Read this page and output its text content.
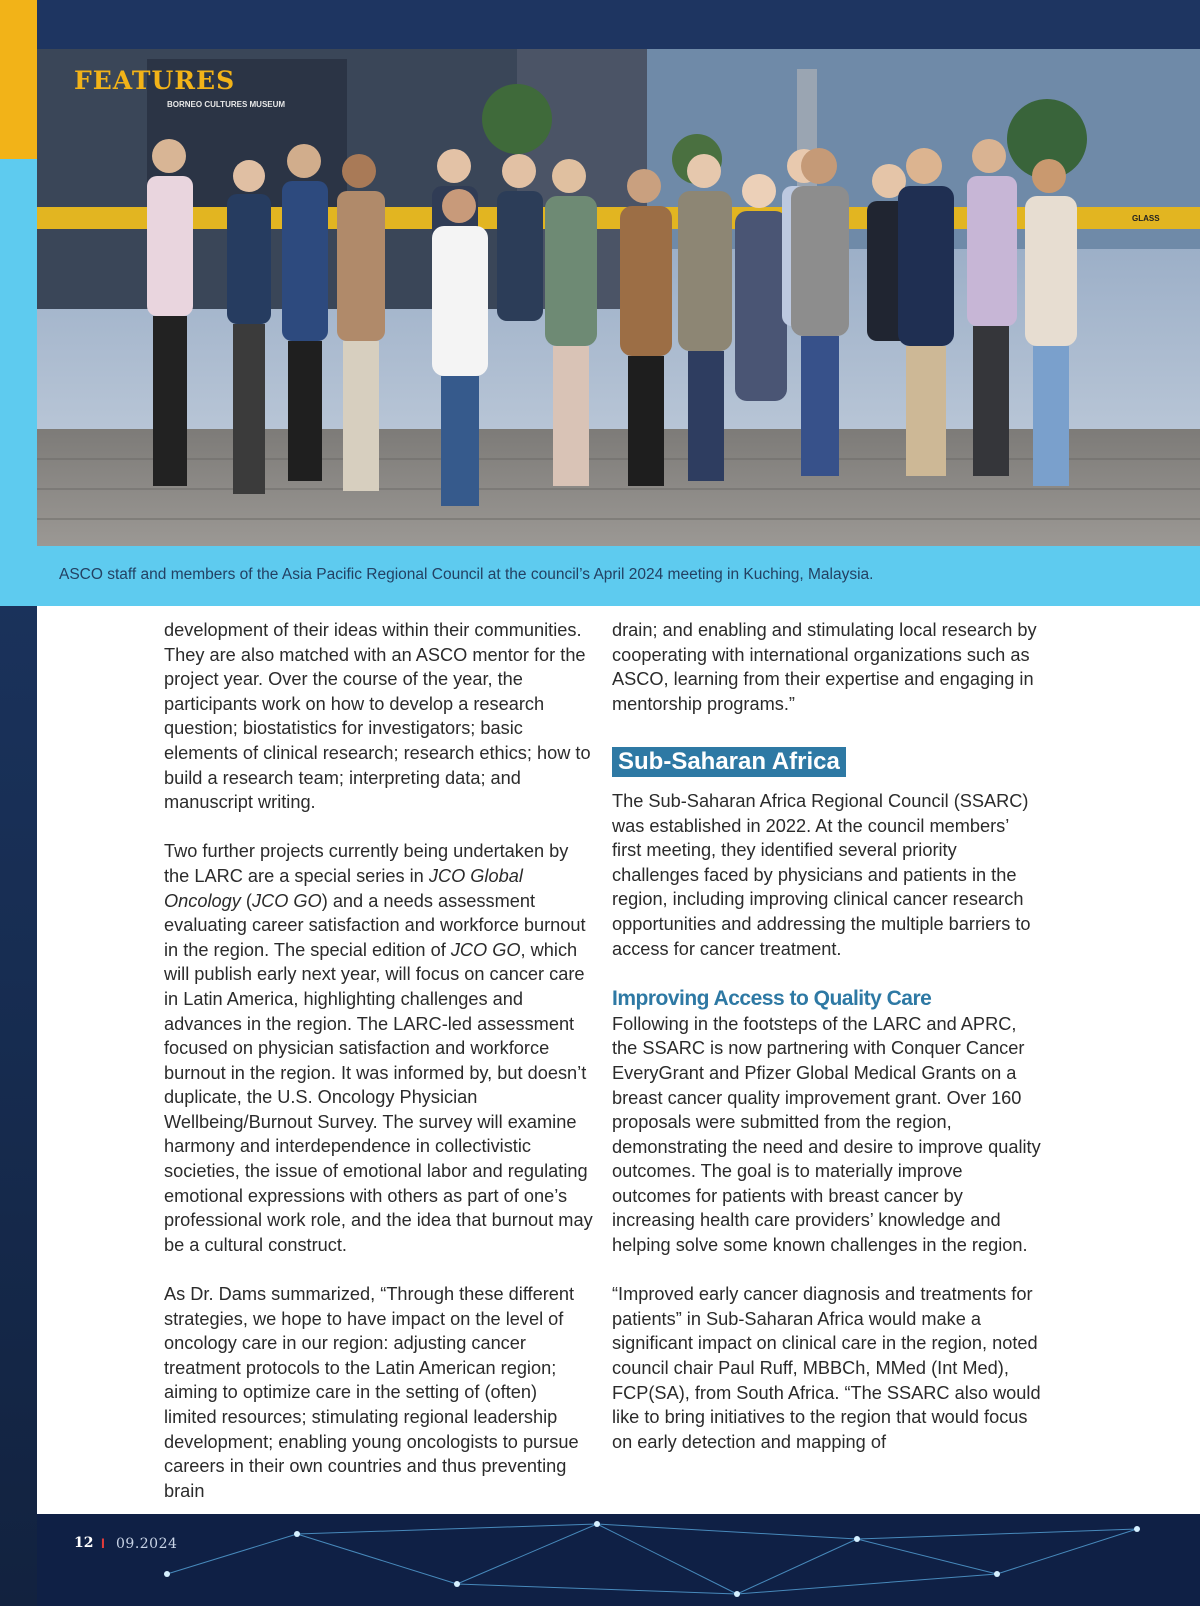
BORNEO CULTURES MUSEUM
GLASS
FEATURES
ASCO staff and members of the Asia Pacific Regional Council at the council’s April 2024 meeting in Kuching, Malaysia.

development of their ideas within their communities. They are also matched with an ASCO mentor for the project year. Over the course of the year, the participants work on how to develop a research question; biostatistics for investigators; basic elements of clinical research; research ethics; how to build a research team; interpreting data; and manuscript writing.

Two further projects currently being undertaken by the LARC are a special series in JCO Global Oncology (JCO GO) and a needs assessment evaluating career satisfaction and workforce burnout in the region. The special edition of JCO GO, which will publish early next year, will focus on cancer care in Latin America, highlighting challenges and advances in the region. The LARC-led assessment focused on physician satisfaction and workforce burnout in the region. It was informed by, but doesn’t duplicate, the U.S. Oncology Physician Wellbeing/Burnout Survey. The survey will examine harmony and interdependence in collectivistic societies, the issue of emotional labor and regulating emotional expressions with others as part of one’s professional work role, and the idea that burnout may be a cultural construct.

As Dr. Dams summarized, “Through these different strategies, we hope to have impact on the level of oncology care in our region: adjusting cancer treatment protocols to the Latin American region; aiming to optimize care in the setting of (often) limited resources; stimulating regional leadership development; enabling young oncologists to pursue careers in their own countries and thus preventing brain

drain; and enabling and stimulating local research by cooperating with international organizations such as ASCO, learning from their expertise and engaging in mentorship programs.”

Sub-Saharan Africa

The Sub-Saharan Africa Regional Council (SSARC) was established in 2022. At the council members’ first meeting, they identified several priority challenges faced by physicians and patients in the region, including improving clinical cancer research opportunities and addressing the multiple barriers to access for cancer treatment.

Improving Access to Quality Care

Following in the footsteps of the LARC and APRC, the SSARC is now partnering with Conquer Cancer EveryGrant and Pfizer Global Medical Grants on a breast cancer quality improvement grant. Over 160 proposals were submitted from the region, demonstrating the need and desire to improve quality outcomes. The goal is to materially improve outcomes for patients with breast cancer by increasing health care providers’ knowledge and helping solve some known challenges in the region.

“Improved early cancer diagnosis and treatments for patients” in Sub-Saharan Africa would make a significant impact on clinical care in the region, noted council chair Paul Ruff, MBBCh, MMed (Int Med), FCP(SA), from South Africa. “The SSARC also would like to bring initiatives to the region that would focus on early detection and mapping of

12 I 09.2024
